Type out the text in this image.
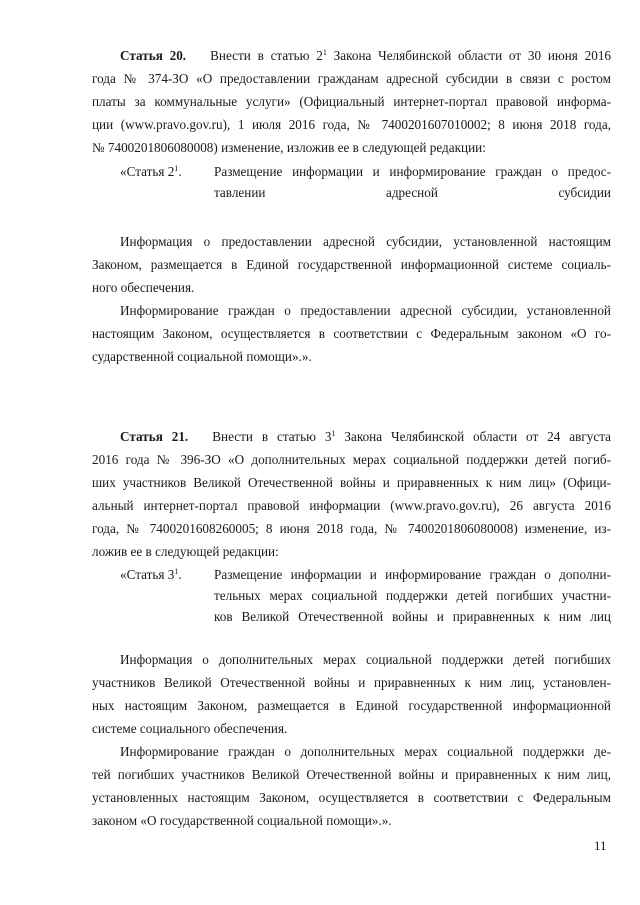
Статья 20. Внести в статью $2^1$ Закона Челябинской области от 30 июня 2016
года № 374-ЗО «О предоставлении гражданам адресной субсидии в связи с ростом
платы за коммунальные услуги» (Официальный интернет-портал правовой информа-
ции (www.pravo.gov.ru), 1 июля 2016 года, № 7400201607010002; 8 июня 2018 года,
№ 7400201806080008) изменение, изложив ее в следующей редакции:
«Статья $2^1$. Размещение информации и информирование граждан о предос-
тавлении адресной субсидии
Информация о предоставлении адресной субсидии, установленной настоящим
Законом, размещается в Единой государственной информационной системе социаль-
ного обеспечения.
Информирование граждан о предоставлении адресной субсидии, установленной
настоящим Законом, осуществляется в соответствии с Федеральным законом «О го-
сударственной социальной помощи».».
Статья 21. Внести в статью $3^1$ Закона Челябинской области от 24 августа
2016 года № 396-ЗО «О дополнительных мерах социальной поддержки детей погиб-
ших участников Великой Отечественной войны и приравненных к ним лиц» (Офици-
альный интернет-портал правовой информации (www.pravo.gov.ru), 26 августа 2016
года, № 7400201608260005; 8 июня 2018 года, № 7400201806080008) изменение, из-
ложив ее в следующей редакции:
«Статья $3^1$. Размещение информации и информирование граждан о дополни-
тельных мерах социальной поддержки детей погибших участни-
ков Великой Отечественной войны и приравненных к ним лиц
Информация о дополнительных мерах социальной поддержки детей погибших
участников Великой Отечественной войны и приравненных к ним лиц, установлен-
ных настоящим Законом, размещается в Единой государственной информационной
системе социального обеспечения.
Информирование граждан о дополнительных мерах социальной поддержки де-
тей погибших участников Великой Отечественной войны и приравненных к ним лиц,
установленных настоящим Законом, осуществляется в соответствии с Федеральным
законом «О государственной социальной помощи».».
11
